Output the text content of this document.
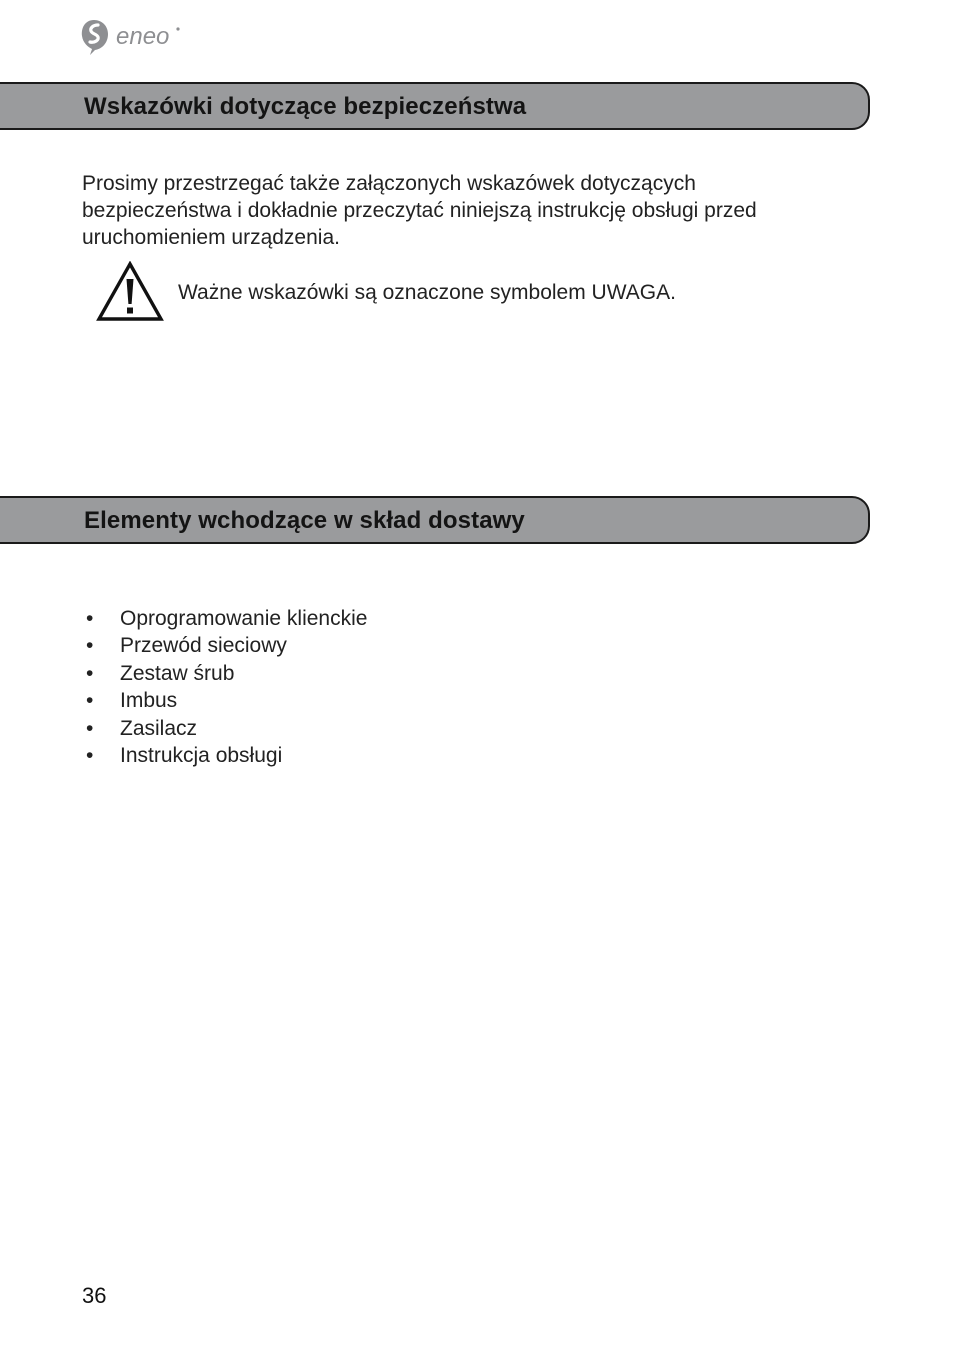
eneo
Wskazówki dotyczące bezpieczeństwa

Prosimy przestrzegać także załączonych wskazówek dotyczących
bezpieczeństwa i dokładnie przeczytać niniejszą instrukcję obsługi przed
uruchomieniem urządzenia.

Ważne wskazówki są oznaczone symbolem UWAGA.

Elementy wchodzące w skład dostawy
• Oprogramowanie klienckie
• Przewód sieciowy
• Zestaw śrub
• Imbus
• Zasilacz
• Instrukcja obsługi

36
